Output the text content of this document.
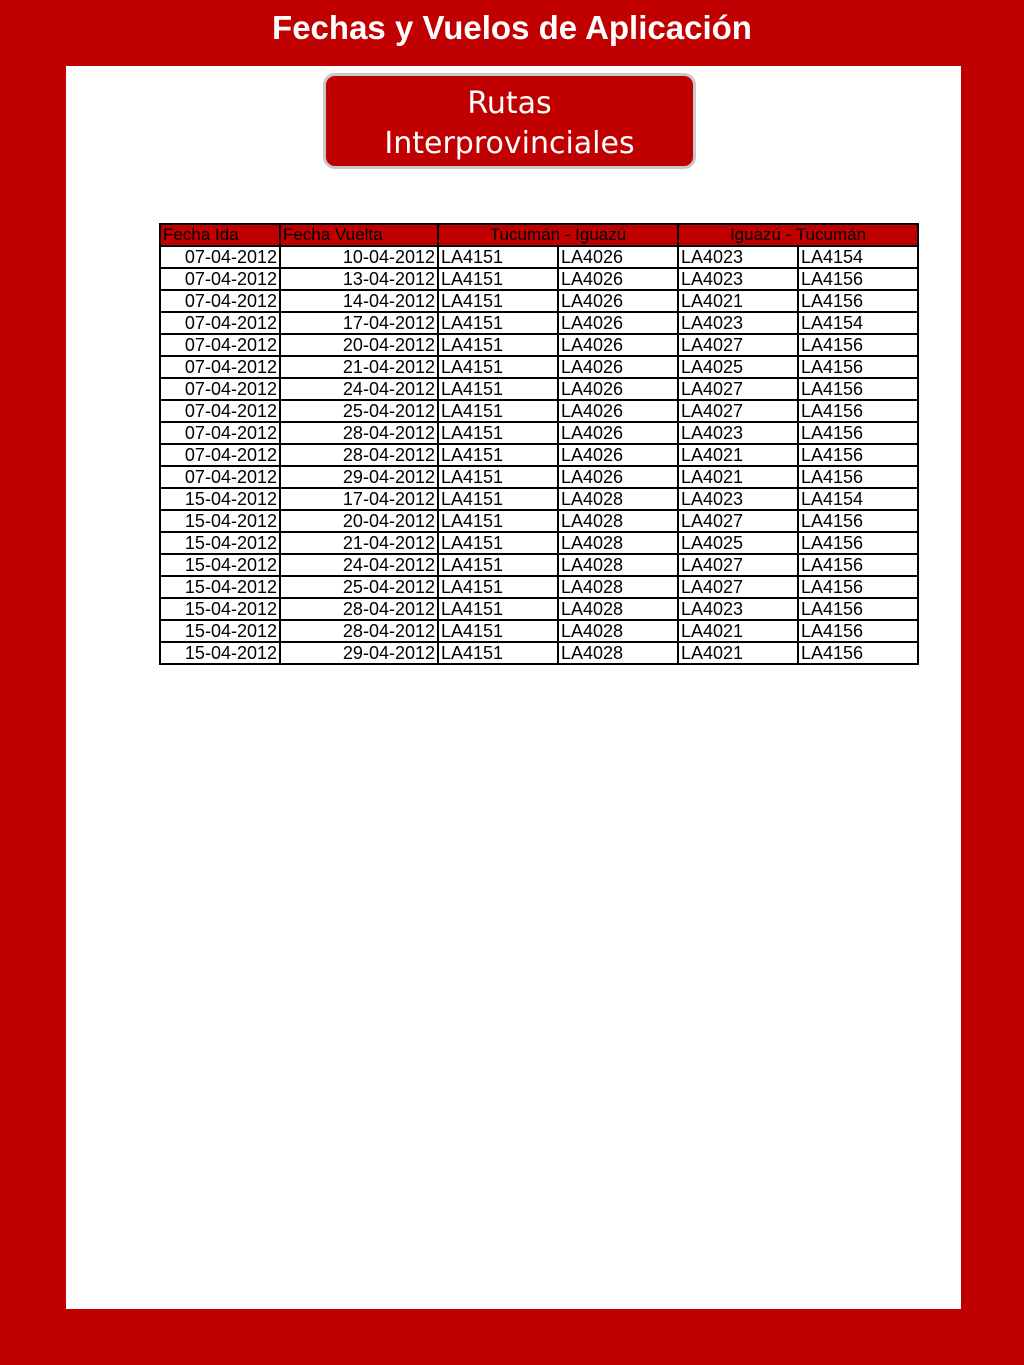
Fechas y Vuelos de Aplicación
Rutas
Interprovinciales
Fecha Ida	Fecha Vuelta	Tucumán - Iguazú		Iguazú - Tucumán	
07-04-2012	10-04-2012	LA4151	LA4026	LA4023	LA4154
07-04-2012	13-04-2012	LA4151	LA4026	LA4023	LA4156
07-04-2012	14-04-2012	LA4151	LA4026	LA4021	LA4156
07-04-2012	17-04-2012	LA4151	LA4026	LA4023	LA4154
07-04-2012	20-04-2012	LA4151	LA4026	LA4027	LA4156
07-04-2012	21-04-2012	LA4151	LA4026	LA4025	LA4156
07-04-2012	24-04-2012	LA4151	LA4026	LA4027	LA4156
07-04-2012	25-04-2012	LA4151	LA4026	LA4027	LA4156
07-04-2012	28-04-2012	LA4151	LA4026	LA4023	LA4156
07-04-2012	28-04-2012	LA4151	LA4026	LA4021	LA4156
07-04-2012	29-04-2012	LA4151	LA4026	LA4021	LA4156
15-04-2012	17-04-2012	LA4151	LA4028	LA4023	LA4154
15-04-2012	20-04-2012	LA4151	LA4028	LA4027	LA4156
15-04-2012	21-04-2012	LA4151	LA4028	LA4025	LA4156
15-04-2012	24-04-2012	LA4151	LA4028	LA4027	LA4156
15-04-2012	25-04-2012	LA4151	LA4028	LA4027	LA4156
15-04-2012	28-04-2012	LA4151	LA4028	LA4023	LA4156
15-04-2012	28-04-2012	LA4151	LA4028	LA4021	LA4156
15-04-2012	29-04-2012	LA4151	LA4028	LA4021	LA4156
